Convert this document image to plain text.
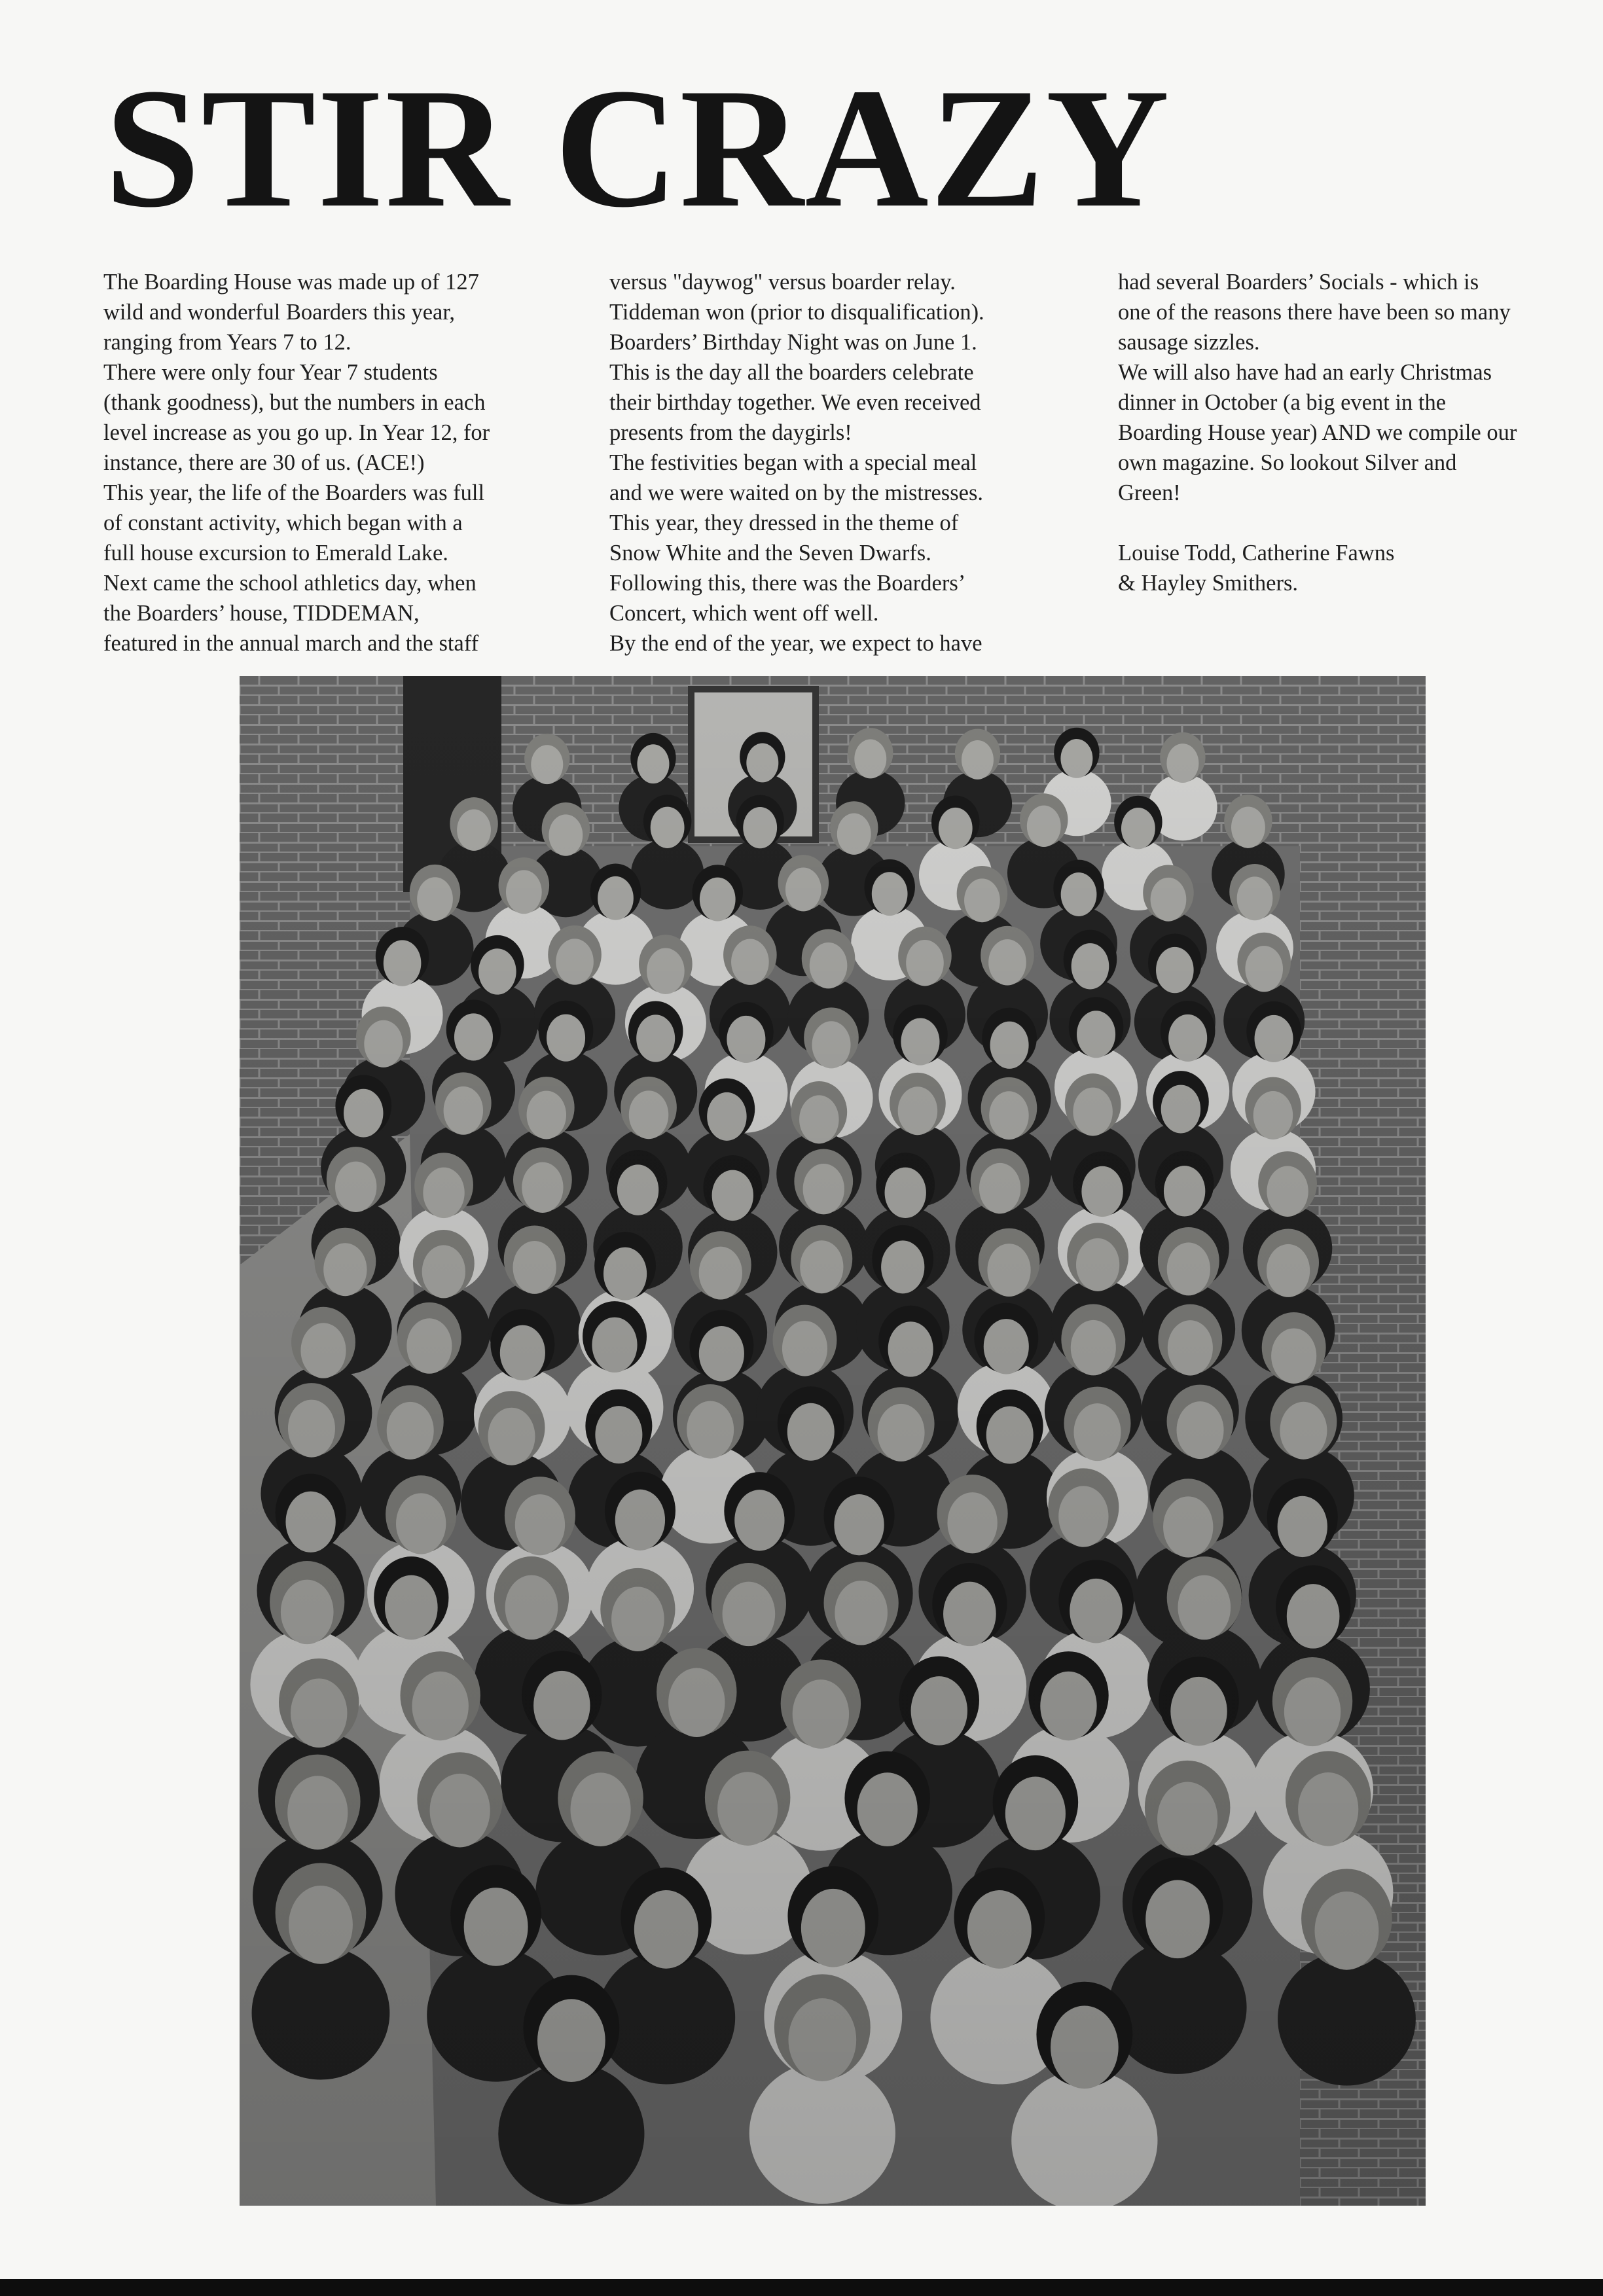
STIR CRAZY

The Boarding House was made up of 127

wild and wonderful Boarders this year,

ranging from Years 7 to 12.

There were only four Year 7 students

(thank goodness), but the numbers in each

level increase as you go up. In Year 12, for

instance, there are 30 of us. (ACE!)

This year, the life of the Boarders was full

of constant activity, which began with a

full house excursion to Emerald Lake.

Next came the school athletics day, when

the Boarders’ house, TIDDEMAN,

featured in the annual march and the staff

versus "daywog" versus boarder relay.

Tiddeman won (prior to disqualification).

Boarders’ Birthday Night was on June 1.

This is the day all the boarders celebrate

their birthday together. We even received

presents from the daygirls!

The festivities began with a special meal

and we were waited on by the mistresses.

This year, they dressed in the theme of

Snow White and the Seven Dwarfs.

Following this, there was the Boarders’

Concert, which went off well.

By the end of the year, we expect to have

had several Boarders’ Socials - which is

one of the reasons there have been so many

sausage sizzles.

We will also have had an early Christmas

dinner in October (a big event in the

Boarding House year) AND we compile our

own magazine. So lookout Silver and

Green!

Louise Todd, Catherine Fawns

& Hayley Smithers.
